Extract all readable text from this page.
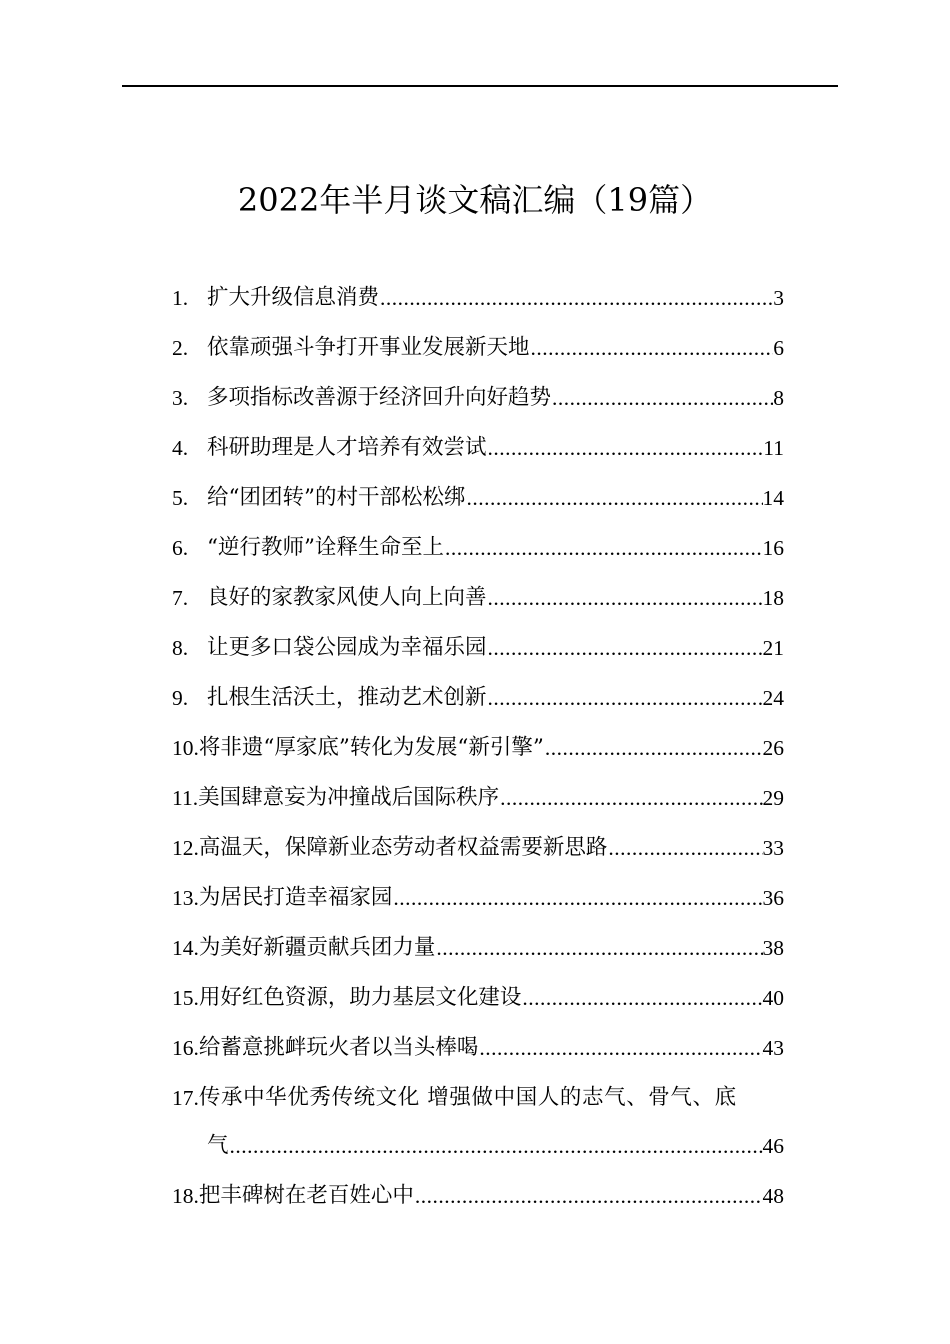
2022年半月谈文稿汇编（19篇）
1. 扩大升级信息消费 .....	3
2. 依靠顽强斗争打开事业发展新天地 .....	6
3. 多项指标改善源于经济回升向好趋势 .....	8
4. 科研助理是人才培养有效尝试 .....	11
5. 给“团团转”的村干部松松绑 .....	14
6. “逆行教师”诠释生命至上 .....	16
7. 良好的家教家风使人向上向善 .....	18
8. 让更多口袋公园成为幸福乐园 .....	21
9. 扎根生活沃土，推动艺术创新 .....	24
10. 将非遗“厚家底”转化为发展“新引擎” .....	26
11. 美国肆意妄为冲撞战后国际秩序 .....	29
12. 高温天，保障新业态劳动者权益需要新思路 .....	33
13. 为居民打造幸福家园 .....	36
14. 为美好新疆贡献兵团力量 .....	38
15. 用好红色资源，助力基层文化建设 .....	40
16. 给蓄意挑衅玩火者以当头棒喝 .....	43
17. 传承中华优秀传统文化 增强做中国人的志气、骨气、底
气 .....	46
18. 把丰碑树在老百姓心中 .....	48
